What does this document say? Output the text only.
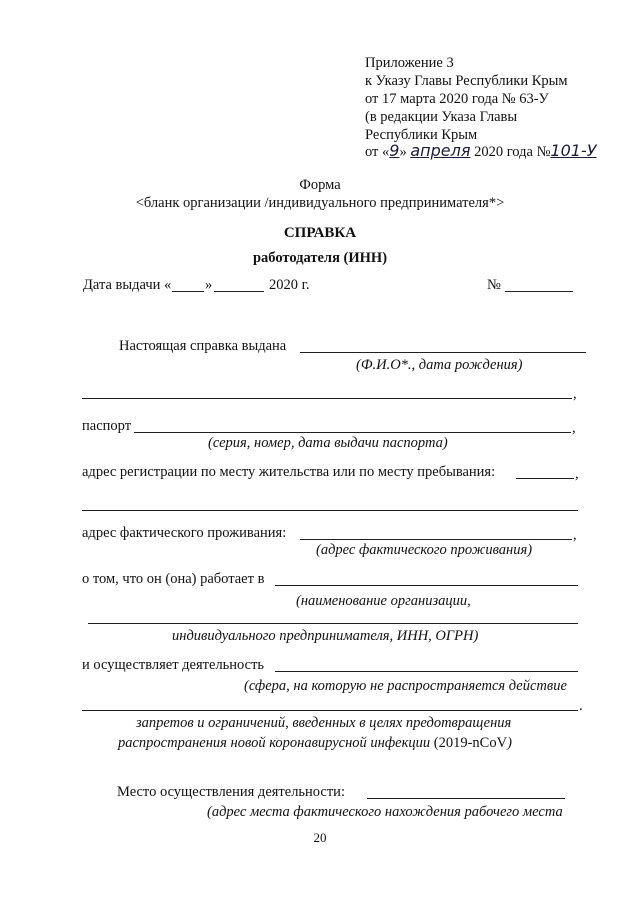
Приложение 3
к Указу Главы Республики Крым
от 17 марта 2020 года № 63-У
(в редакции Указа Главы
Республики Крым
от «9» апреля 2020 года №101-У
Форма
<бланк организации /индивидуального предпринимателя*>
СПРАВКА
работодателя (ИНН)
Дата выдачи « »	2020 г.	№
Настоящая справка выдана
(Ф.И.О*., дата рождения)
,
паспорт	,
(серия, номер, дата выдачи паспорта)
адрес регистрации по месту жительства или по месту пребывания:	,
адрес фактического проживания:	,
(адрес фактического проживания)
о том, что он (она) работает в
(наименование организации,
индивидуального предпринимателя, ИНН, ОГРН)
и осуществляет деятельность
(сфера, на которую не распространяется действие
.
запретов и ограничений, введенных в целях предотвращения
распространения новой коронавирусной инфекции (2019-nCoV)
Место осуществления деятельности:
(адрес места фактического нахождения рабочего места
20
